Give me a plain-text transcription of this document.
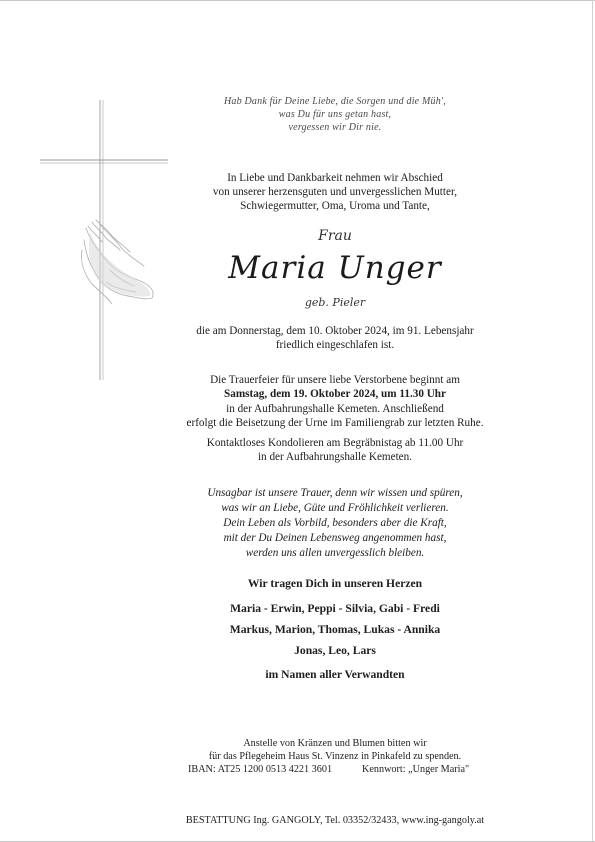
Hab Dank für Deine Liebe, die Sorgen und die Müh',
was Du für uns getan hast,
vergessen wir Dir nie.
In Liebe und Dankbarkeit nehmen wir Abschied
von unserer herzensguten und unvergesslichen Mutter,
Schwiegermutter, Oma, Uroma und Tante,
Frau
Maria Unger
geb. Pieler
die am Donnerstag, dem 10. Oktober 2024, im 91. Lebensjahr
friedlich eingeschlafen ist.
Die Trauerfeier für unsere liebe Verstorbene beginnt am
Samstag, dem 19. Oktober 2024, um 11.30 Uhr
in der Aufbahrungshalle Kemeten. Anschließend
erfolgt die Beisetzung der Urne im Familiengrab zur letzten Ruhe.
Kontaktloses Kondolieren am Begräbnistag ab 11.00 Uhr
in der Aufbahrungshalle Kemeten.
Unsagbar ist unsere Trauer, denn wir wissen und spüren,
was wir an Liebe, Güte und Fröhlichkeit verlieren.
Dein Leben als Vorbild, besonders aber die Kraft,
mit der Du Deinen Lebensweg angenommen hast,
werden uns allen unvergesslich bleiben.
Wir tragen Dich in unseren Herzen
Maria - Erwin, Peppi - Silvia, Gabi - Fredi
Markus, Marion, Thomas, Lukas - Annika
Jonas, Leo, Lars
im Namen aller Verwandten
Anstelle von Kränzen und Blumen bitten wir
für das Pflegeheim Haus St. Vinzenz in Pinkafeld zu spenden.
IBAN: AT25 1200 0513 4221 3601	Kennwort: „Unger Maria"
BESTATTUNG Ing. GANGOLY, Tel. 03352/32433, www.ing-gangoly.at
